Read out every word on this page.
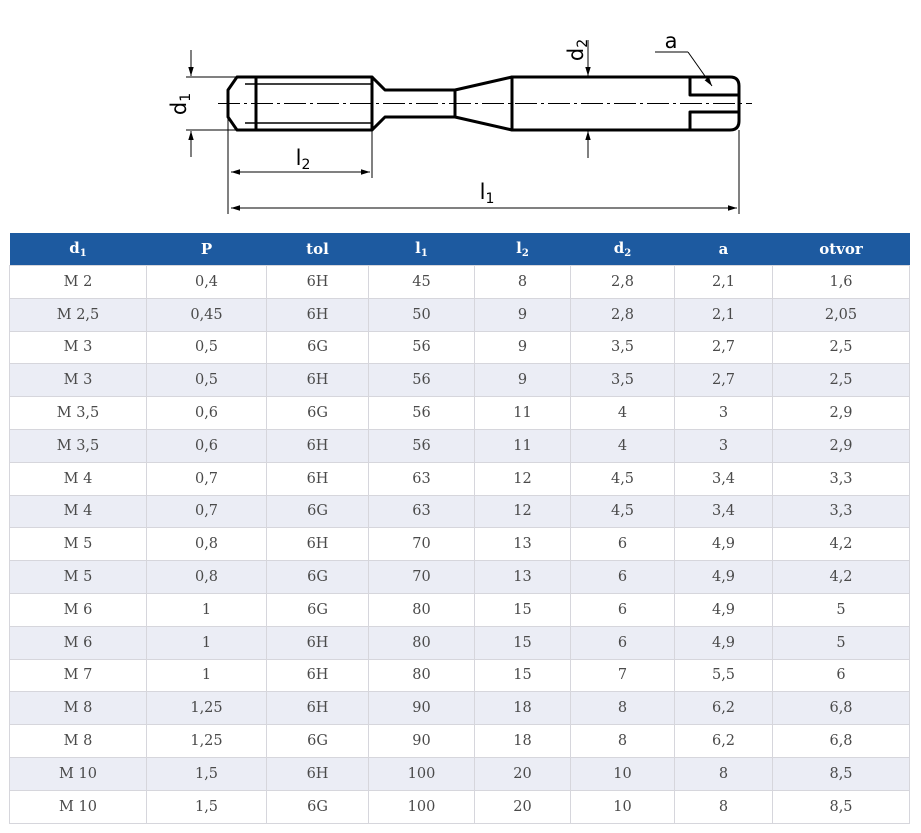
d1
d2	a
l2
l1
$d_1$	P	tol	$l_1$	$l_2$	$d_2$	a	otvor
M 2	0,4	6H	45	8	2,8	2,1	1,6
M 2,5	0,45	6H	50	9	2,8	2,1	2,05
M 3	0,5	6G	56	9	3,5	2,7	2,5
M 3	0,5	6H	56	9	3,5	2,7	2,5
M 3,5	0,6	6G	56	11	4	3	2,9
M 3,5	0,6	6H	56	11	4	3	2,9
M 4	0,7	6H	63	12	4,5	3,4	3,3
M 4	0,7	6G	63	12	4,5	3,4	3,3
M 5	0,8	6H	70	13	6	4,9	4,2
M 5	0,8	6G	70	13	6	4,9	4,2
M 6	1	6G	80	15	6	4,9	5
M 6	1	6H	80	15	6	4,9	5
M 7	1	6H	80	15	7	5,5	6
M 8	1,25	6H	90	18	8	6,2	6,8
M 8	1,25	6G	90	18	8	6,2	6,8
M 10	1,5	6H	100	20	10	8	8,5
M 10	1,5	6G	100	20	10	8	8,5
